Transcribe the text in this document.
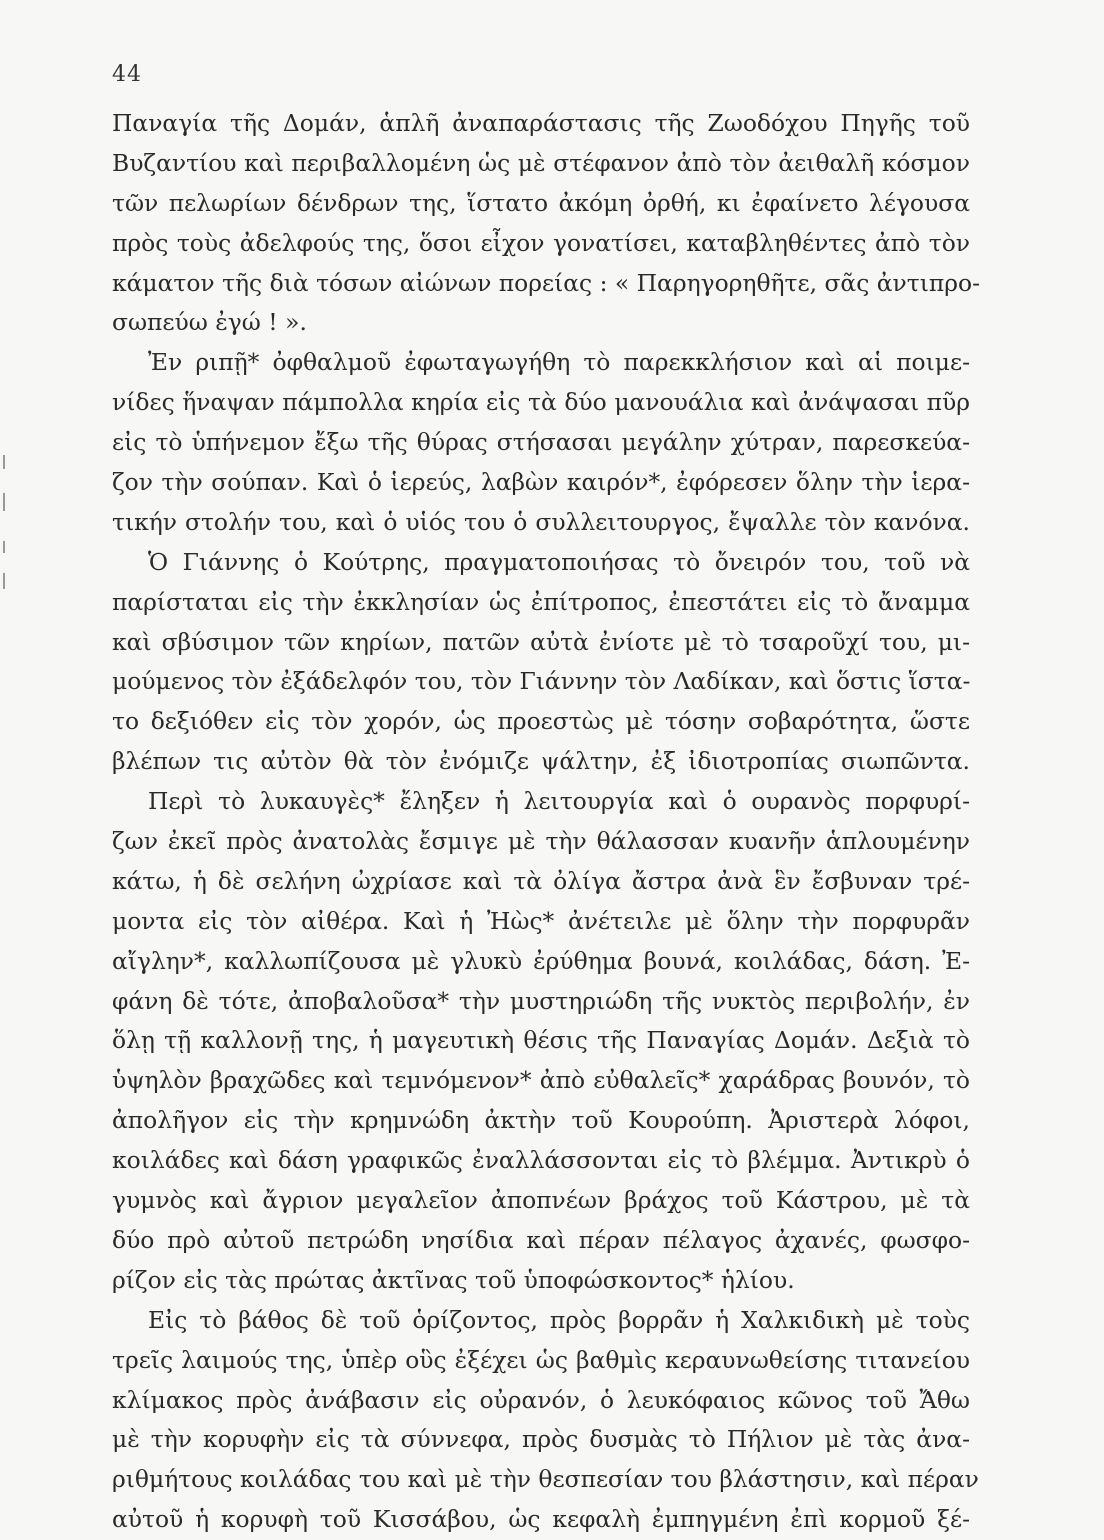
44
Παναγία τῆς Δομάν, ἁπλῆ ἀναπαράστασις τῆς Ζωοδόχου Πηγῆς τοῦ
Βυζαντίου καὶ περιβαλλομένη ὡς μὲ στέφανον ἀπὸ τὸν ἀειθαλῆ κόσμον
τῶν πελωρίων δένδρων της, ἵστατο ἀκόμη ὀρθή, κι ἐφαίνετο λέγουσα
πρὸς τοὺς ἀδελφούς της, ὅσοι εἶχον γονατίσει, καταβληθέντες ἀπὸ τὸν
κάματον τῆς διὰ τόσων αἰώνων πορείας : « Παρηγορηθῆτε, σᾶς ἀντιπρο-
σωπεύω ἐγώ ! ».
Ἐν ριπῇ* ὀφθαλμοῦ ἐφωταγωγήθη τὸ παρεκκλήσιον καὶ αἱ ποιμε-
νίδες ἥναψαν πάμπολλα κηρία εἰς τὰ δύο μανουάλια καὶ ἀνάψασαι πῦρ
εἰς τὸ ὑπήνεμον ἔξω τῆς θύρας στήσασαι μεγάλην χύτραν, παρεσκεύα-
ζον τὴν σούπαν. Καὶ ὁ ἱερεύς, λαβὼν καιρόν*, ἐφόρεσεν ὅλην τὴν ἱερα-
τικήν στολήν του, καὶ ὁ υἱός του ὁ συλλειτουργος, ἔψαλλε τὸν κανόνα.
Ὁ Γιάννης ὁ Κούτρης, πραγματοποιήσας τὸ ὄνειρόν του, τοῦ νὰ
παρίσταται εἰς τὴν ἐκκλησίαν ὡς ἐπίτροπος, ἐπεστάτει εἰς τὸ ἄναμμα
καὶ σβύσιμον τῶν κηρίων, πατῶν αὐτὰ ἐνίοτε μὲ τὸ τσαροῦχί του, μι-
μούμενος τὸν ἐξάδελφόν του, τὸν Γιάννην τὸν Λαδίκαν, καὶ ὅστις ἵστα-
το δεξιόθεν εἰς τὸν χορόν, ὡς προεστὼς μὲ τόσην σοβαρότητα, ὥστε
βλέπων τις αὐτὸν θὰ τὸν ἐνόμιζε ψάλτην, ἐξ ἰδιοτροπίας σιωπῶντα.
Περὶ τὸ λυκαυγὲς* ἔληξεν ἡ λειτουργία καὶ ὁ ουρανὸς πορφυρί-
ζων ἐκεῖ πρὸς ἀνατολὰς ἔσμιγε μὲ τὴν θάλασσαν κυανῆν ἁπλουμένην
κάτω, ἡ δὲ σελήνη ὠχρίασε καὶ τὰ ὀλίγα ἄστρα ἀνὰ ἓν ἔσβυναν τρέ-
μοντα εἰς τὸν αἰθέρα. Καὶ ἡ Ἠὼς* ἀνέτειλε μὲ ὅλην τὴν πορφυρᾶν
αἴγλην*, καλλωπίζουσα μὲ γλυκὺ ἐρύθημα βουνά, κοιλάδας, δάση. Ἐ-
φάνη δὲ τότε, ἀποβαλοῦσα* τὴν μυστηριώδη τῆς νυκτὸς περιβολήν, ἐν
ὅλῃ τῇ καλλονῇ της, ἡ μαγευτικὴ θέσις τῆς Παναγίας Δομάν. Δεξιὰ τὸ
ὑψηλὸν βραχῶδες καὶ τεμνόμενον* ἀπὸ εὐθαλεῖς* χαράδρας βουνόν, τὸ
ἀπολῆγον εἰς τὴν κρημνώδη ἀκτὴν τοῦ Κουρούπη. Ἀριστερὰ λόφοι,
κοιλάδες καὶ δάση γραφικῶς ἐναλλάσσονται εἰς τὸ βλέμμα. Ἀντικρὺ ὁ
γυμνὸς καὶ ἄγριον μεγαλεῖον ἀποπνέων βράχος τοῦ Κάστρου, μὲ τὰ
δύο πρὸ αὐτοῦ πετρώδη νησίδια καὶ πέραν πέλαγος ἀχανές, φωσφο-
ρίζον εἰς τὰς πρώτας ἀκτῖνας τοῦ ὑποφώσκοντος* ἡλίου.
Εἰς τὸ βάθος δὲ τοῦ ὁρίζοντος, πρὸς βορρᾶν ἡ Χαλκιδικὴ μὲ τοὺς
τρεῖς λαιμούς της, ὑπὲρ οὓς ἐξέχει ὡς βαθμὶς κεραυνωθείσης τιτανείου
κλίμακος πρὸς ἀνάβασιν εἰς οὐρανόν, ὁ λευκόφαιος κῶνος τοῦ Ἄθω
μὲ τὴν κορυφὴν εἰς τὰ σύννεφα, πρὸς δυσμὰς τὸ Πήλιον μὲ τὰς ἀνα-
ριθμήτους κοιλάδας του καὶ μὲ τὴν θεσπεσίαν του βλάστησιν, καὶ πέραν
αὐτοῦ ἡ κορυφὴ τοῦ Κισσάβου, ὡς κεφαλὴ ἐμπηγμένη ἐπὶ κορμοῦ ξέ-
